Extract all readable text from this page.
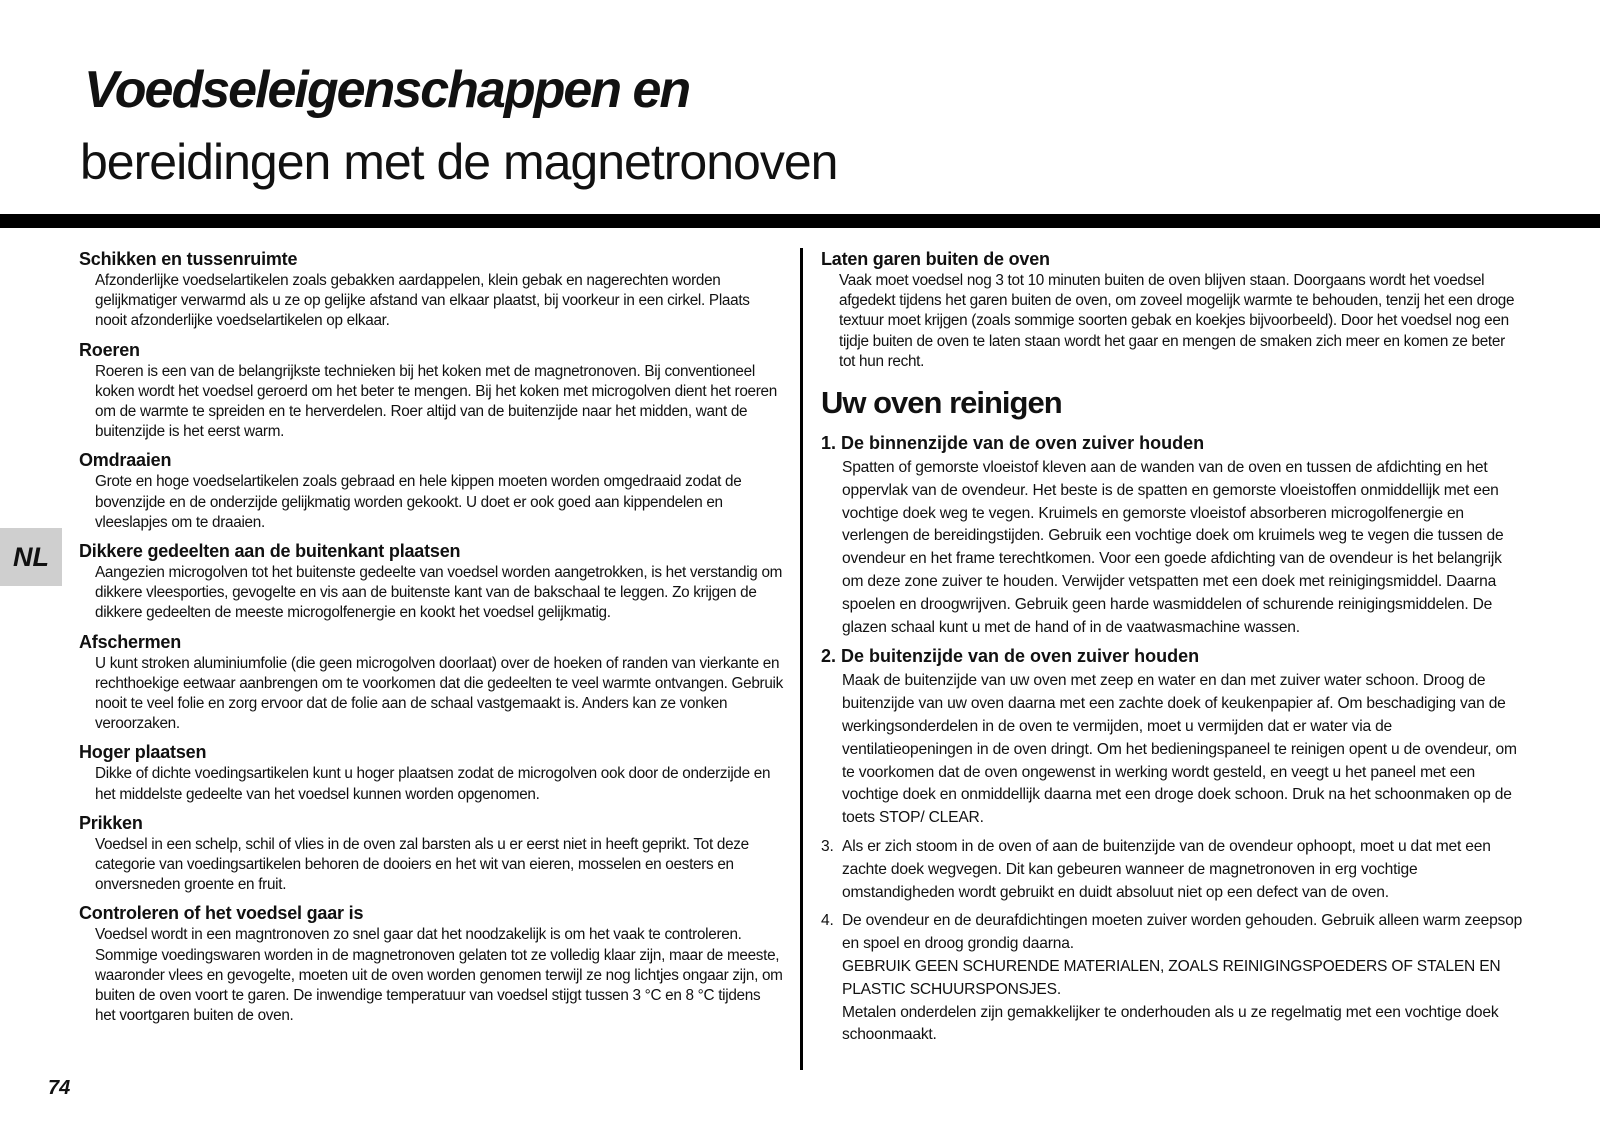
Voedseleigenschappen en
bereidingen met de magnetronoven
NL
Schikken en tussenruimte

Afzonderlijke voedselartikelen zoals gebakken aardappelen, klein gebak en nagerechten worden gelijkmatiger verwarmd als u ze op gelijke afstand van elkaar plaatst, bij voorkeur in een cirkel. Plaats nooit afzonderlijke voedselartikelen op elkaar.

Roeren

Roeren is een van de belangrijkste technieken bij het koken met de magnetronoven. Bij conventioneel koken wordt het voedsel geroerd om het beter te mengen. Bij het koken met microgolven dient het roeren om de warmte te spreiden en te herverdelen. Roer altijd van de buitenzijde naar het midden, want de buitenzijde is het eerst warm.

Omdraaien

Grote en hoge voedselartikelen zoals gebraad en hele kippen moeten worden omgedraaid zodat de bovenzijde en de onderzijde gelijkmatig worden gekookt. U doet er ook goed aan kippendelen en vleeslapjes om te draaien.

Dikkere gedeelten aan de buitenkant plaatsen

Aangezien microgolven tot het buitenste gedeelte van voedsel worden aangetrokken, is het verstandig om dikkere vleesporties, gevogelte en vis aan de buitenste kant van de bakschaal te leggen. Zo krijgen de dikkere gedeelten de meeste microgolfenergie en kookt het voedsel gelijkmatig.

Afschermen

U kunt stroken aluminiumfolie (die geen microgolven doorlaat) over de hoeken of randen van vierkante en rechthoekige eetwaar aanbrengen om te voorkomen dat die gedeelten te veel warmte ontvangen. Gebruik nooit te veel folie en zorg ervoor dat de folie aan de schaal vastgemaakt is. Anders kan ze vonken veroorzaken.

Hoger plaatsen

Dikke of dichte voedingsartikelen kunt u hoger plaatsen zodat de microgolven ook door de onderzijde en het middelste gedeelte van het voedsel kunnen worden opgenomen.

Prikken

Voedsel in een schelp, schil of vlies in de oven zal barsten als u er eerst niet in heeft geprikt. Tot deze categorie van voedingsartikelen behoren de dooiers en het wit van eieren, mosselen en oesters en onversneden groente en fruit.

Controleren of het voedsel gaar is

Voedsel wordt in een magntronoven zo snel gaar dat het noodzakelijk is om het vaak te controleren. Sommige voedingswaren worden in de magnetronoven gelaten tot ze volledig klaar zijn, maar de meeste, waaronder vlees en gevogelte, moeten uit de oven worden genomen terwijl ze nog lichtjes ongaar zijn, om buiten de oven voort te garen. De inwendige temperatuur van voedsel stijgt tussen 3 °C en 8 °C tijdens het voortgaren buiten de oven.

Laten garen buiten de oven

Vaak moet voedsel nog 3 tot 10 minuten buiten de oven blijven staan. Doorgaans wordt het voedsel afgedekt tijdens het garen buiten de oven, om zoveel mogelijk warmte te behouden, tenzij het een droge textuur moet krijgen (zoals sommige soorten gebak en koekjes bijvoorbeeld). Door het voedsel nog een tijdje buiten de oven te laten staan wordt het gaar en mengen de smaken zich meer en komen ze beter tot hun recht.

Uw oven reinigen
1. De binnenzijde van de oven zuiver houden

Spatten of gemorste vloeistof kleven aan de wanden van de oven en tussen de afdichting en het oppervlak van de ovendeur. Het beste is de spatten en gemorste vloeistoffen onmiddellijk met een vochtige doek weg te vegen. Kruimels en gemorste vloeistof absorberen microgolfenergie en verlengen de bereidingstijden. Gebruik een vochtige doek om kruimels weg te vegen die tussen de ovendeur en het frame terechtkomen. Voor een goede afdichting van de ovendeur is het belangrijk om deze zone zuiver te houden. Verwijder vetspatten met een doek met reinigingsmiddel. Daarna spoelen en droogwrijven. Gebruik geen harde wasmiddelen of schurende reinigingsmiddelen. De glazen schaal kunt u met de hand of in de vaatwasmachine wassen.

2. De buitenzijde van de oven zuiver houden

Maak de buitenzijde van uw oven met zeep en water en dan met zuiver water schoon. Droog de buitenzijde van uw oven daarna met een zachte doek of keukenpapier af. Om beschadiging van de werkingsonderdelen in de oven te vermijden, moet u vermijden dat er water via de ventilatieopeningen in de oven dringt. Om het bedieningspaneel te reinigen opent u de ovendeur, om te voorkomen dat de oven ongewenst in werking wordt gesteld, en veegt u het paneel met een vochtige doek en onmiddellijk daarna met een droge doek schoon. Druk na het schoonmaken op de toets STOP/ CLEAR.

3. Als er zich stoom in de oven of aan de buitenzijde van de ovendeur ophoopt, moet u dat met een zachte doek wegvegen. Dit kan gebeuren wanneer de magnetronoven in erg vochtige omstandigheden wordt gebruikt en duidt absoluut niet op een defect van de oven.
4. De ovendeur en de deurafdichtingen moeten zuiver worden gehouden. Gebruik alleen warm zeepsop en spoel en droog grondig daarna.
GEBRUIK GEEN SCHURENDE MATERIALEN, ZOALS REINIGINGSPOEDERS OF STALEN EN PLASTIC SCHUURSPONSJES.
Metalen onderdelen zijn gemakkelijker te onderhouden als u ze regelmatig met een vochtige doek schoonmaakt.
74
